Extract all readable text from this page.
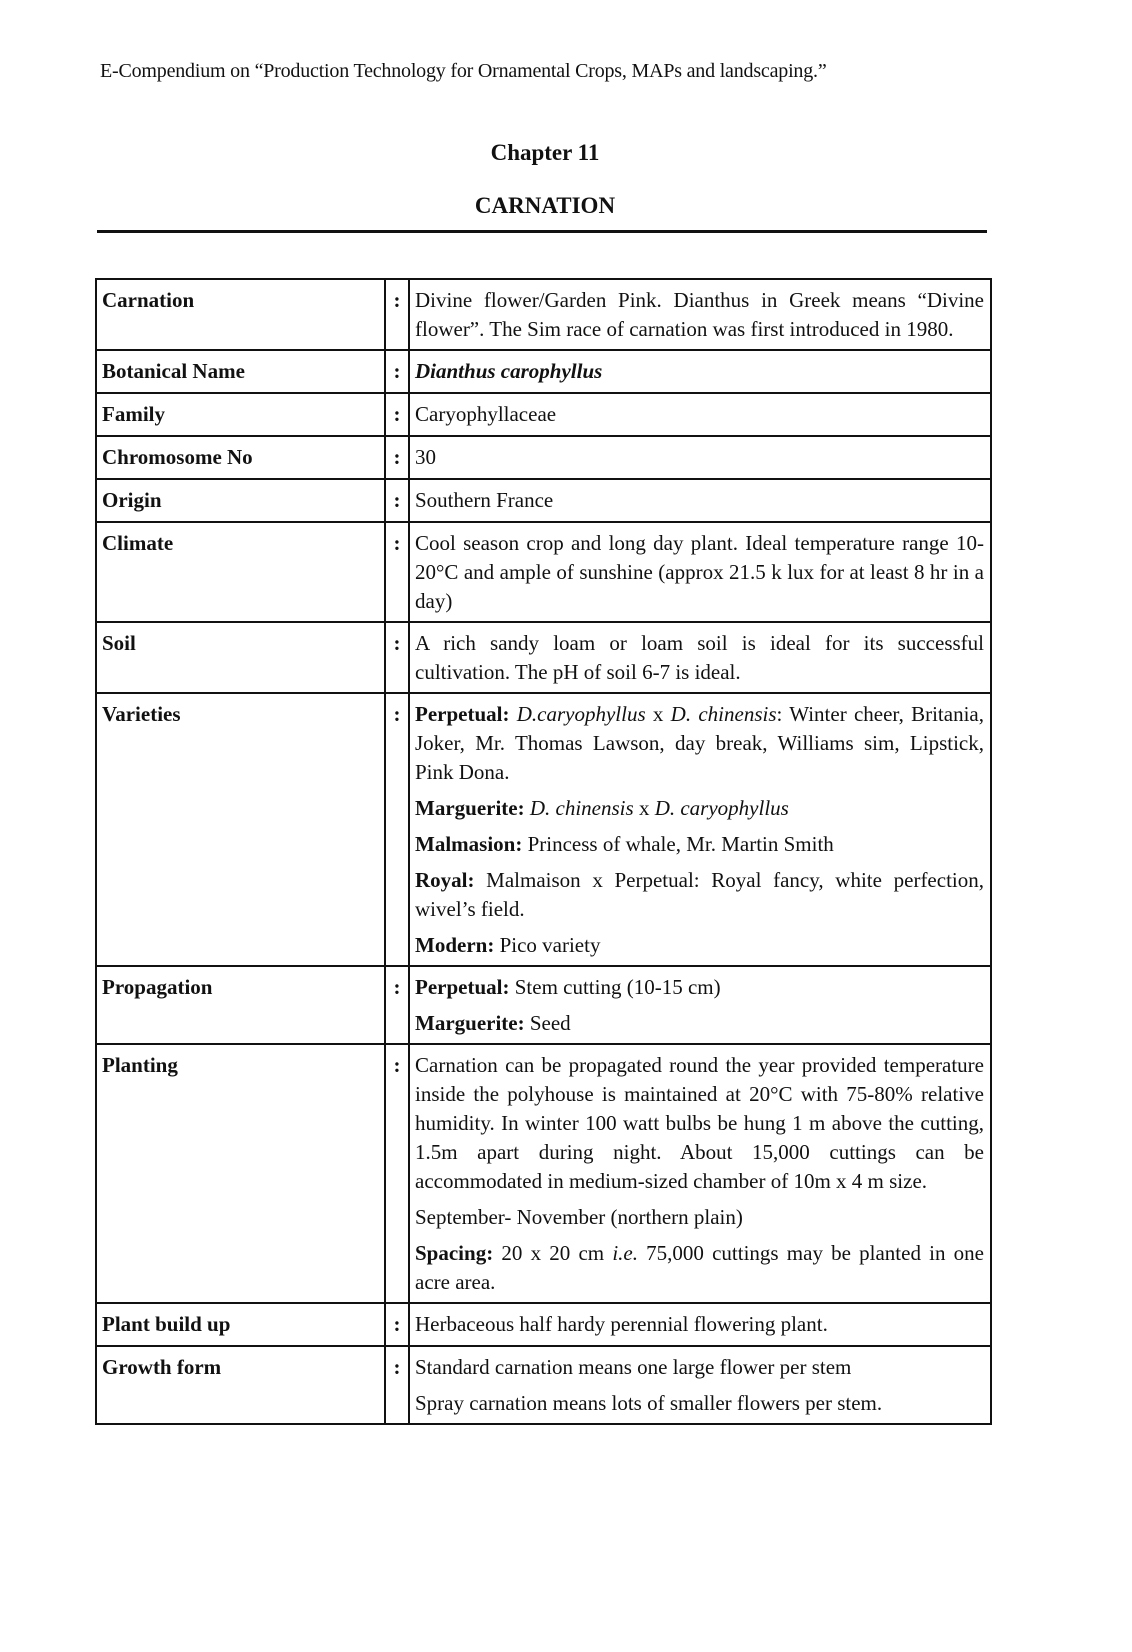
E-Compendium on “Production Technology for Ornamental Crops, MAPs and landscaping.”
Chapter 11
CARNATION
Carnation	:	Divine flower/Garden Pink. Dianthus in Greek means “Divine flower”. The Sim race of carnation was first introduced in 1980.

Botanical Name	:	Dianthus carophyllus

Family	:	Caryophyllaceae

Chromosome No	:	30

Origin	:	Southern France

Climate	:	Cool season crop and long day plant. Ideal temperature range 10-20°C and ample of sunshine (approx 21.5 k lux for at least 8 hr in a day)

Soil	:	A rich sandy loam or loam soil is ideal for its successful cultivation. The pH of soil 6-7 is ideal.

Varieties	:	Perpetual: D.caryophyllus x D. chinensis: Winter cheer, Britania, Joker, Mr. Thomas Lawson, day break, Williams sim, Lipstick, Pink Dona.
Marguerite: D. chinensis x D. caryophyllus
Malmasion: Princess of whale, Mr. Martin Smith
Royal: Malmaison x Perpetual: Royal fancy, white perfection, wivel’s field.
Modern: Pico variety

Propagation	:	Perpetual: Stem cutting (10-15 cm)
Marguerite: Seed

Planting	:	Carnation can be propagated round the year provided temperature inside the polyhouse is maintained at 20°C with 75-80% relative humidity. In winter 100 watt bulbs be hung 1 m above the cutting, 1.5m apart during night. About 15,000 cuttings can be accommodated in medium-sized chamber of 10m x 4 m size.
September- November (northern plain)
Spacing: 20 x 20 cm i.e. 75,000 cuttings may be planted in one acre area.

Plant build up	:	Herbaceous half hardy perennial flowering plant.

Growth form	:	Standard carnation means one large flower per stem
Spray carnation means lots of smaller flowers per stem.
